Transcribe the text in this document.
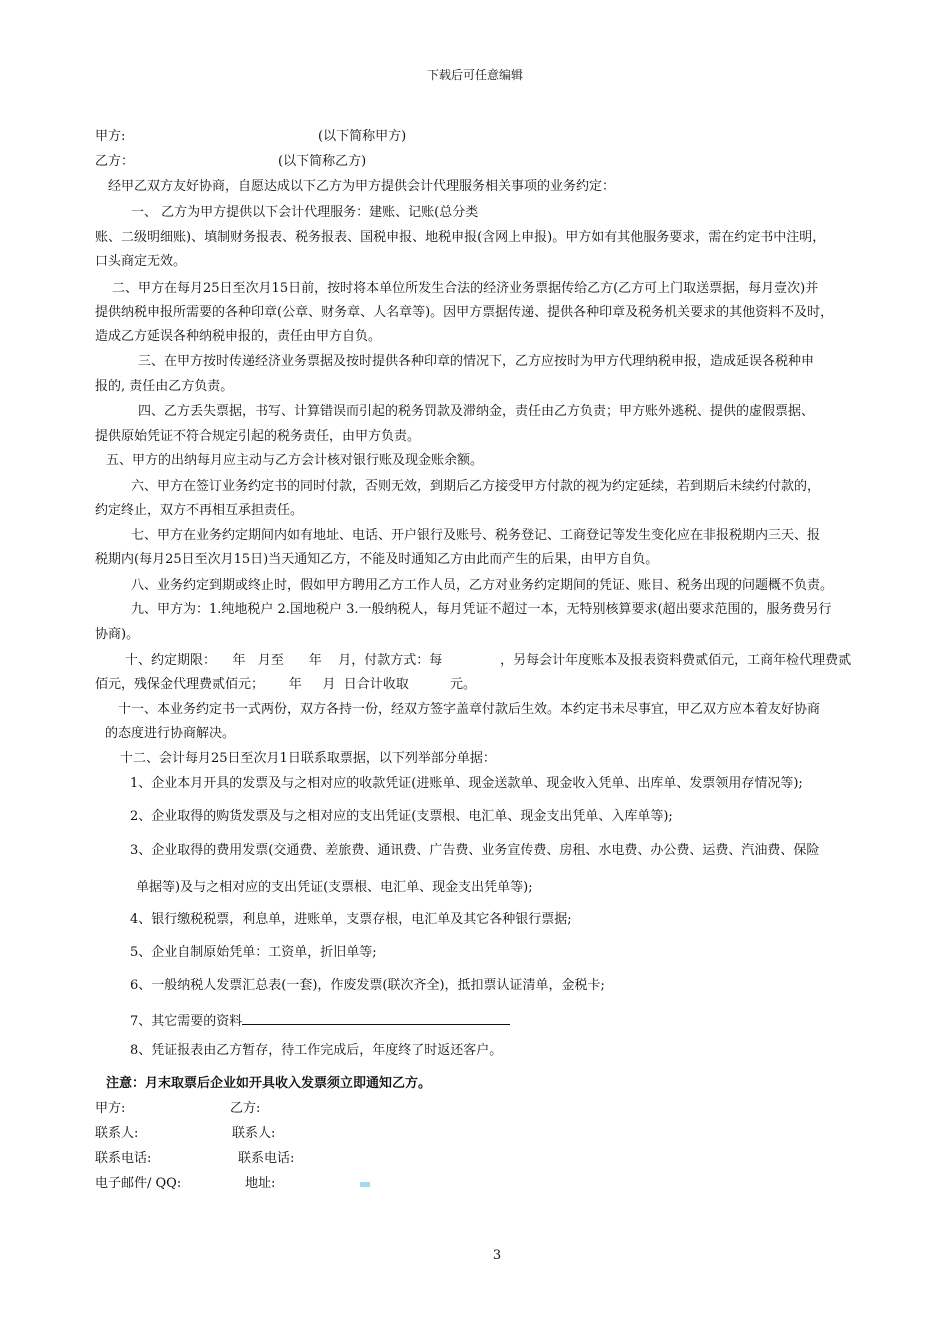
下载后可任意编辑
甲方:	(以下简称甲方)
乙方：	(以下简称乙方)
经甲乙双方友好协商，自愿达成以下乙方为甲方提供会计代理服务相关事项的业务约定：
一、 乙方为甲方提供以下会计代理服务：建账、记账(总分类
账、二级明细账)、填制财务报表、税务报表、国税申报、地税申报(含网上申报)。甲方如有其他服务要求，需在约定书中注明，
口头商定无效。
二、甲方在每月25日至次月15日前，按时将本单位所发生合法的经济业务票据传给乙方(乙方可上门取送票据，每月壹次)并
提供纳税申报所需要的各种印章(公章、财务章、人名章等)。因甲方票据传递、提供各种印章及税务机关要求的其他资料不及时，
造成乙方延误各种纳税申报的，责任由甲方自负。
三、在甲方按时传递经济业务票据及按时提供各种印章的情况下，乙方应按时为甲方代理纳税申报，造成延误各税种申
报的, 责任由乙方负责。
四、乙方丢失票据，书写、计算错误而引起的税务罚款及滞纳金，责任由乙方负责；甲方账外逃税、提供的虚假票据、
提供原始凭证不符合规定引起的税务责任，由甲方负责。
五、甲方的出纳每月应主动与乙方会计核对银行账及现金账余额。
六、甲方在签订业务约定书的同时付款，否则无效，到期后乙方接受甲方付款的视为约定延续，若到期后未续约付款的，
约定终止，双方不再相互承担责任。
七、甲方在业务约定期间内如有地址、电话、开户银行及账号、税务登记、工商登记等发生变化应在非报税期内三天、报
税期内(每月25日至次月15日)当天通知乙方，不能及时通知乙方由此而产生的后果，由甲方自负。
八、业务约定到期或终止时，假如甲方聘用乙方工作人员，乙方对业务约定期间的凭证、账目、税务出现的问题概不负责。
九、甲方为：1.纯地税户 2.国地税户 3.一般纳税人，每月凭证不超过一本，无特别核算要求(超出要求范围的，服务费另行
协商)。
十、约定期限：    年   月至      年    月，付款方式：每              ，另每会计年度账本及报表资料费贰佰元，工商年检代理费贰
佰元，残保金代理费贰佰元；      年     月  日合计收取          元。
十一、本业务约定书一式两份，双方各持一份，经双方签字盖章付款后生效。本约定书未尽事宜，甲乙双方应本着友好协商
的态度进行协商解决。
十二、会计每月25日至次月1日联系取票据，以下列举部分单据：
1、企业本月开具的发票及与之相对应的收款凭证(进账单、现金送款单、现金收入凭单、出库单、发票领用存情况等);
2、企业取得的购货发票及与之相对应的支出凭证(支票根、电汇单、现金支出凭单、入库单等);
3、企业取得的费用发票(交通费、差旅费、通讯费、广告费、业务宣传费、房租、水电费、办公费、运费、汽油费、保险
单据等)及与之相对应的支出凭证(支票根、电汇单、现金支出凭单等);
4、银行缴税税票，利息单，进账单，支票存根，电汇单及其它各种银行票据;
5、企业自制原始凭单：工资单，折旧单等;
6、一般纳税人发票汇总表(一套)，作废发票(联次齐全)，抵扣票认证清单，金税卡;
7、其它需要的资料
8、凭证报表由乙方暂存，待工作完成后，年度终了时返还客户。
注意：月末取票后企业如开具收入发票须立即通知乙方。
甲方:	乙方:
联系人:	联系人:
联系电话:	联系电话:
电子邮件/ QQ:	地址:
3
